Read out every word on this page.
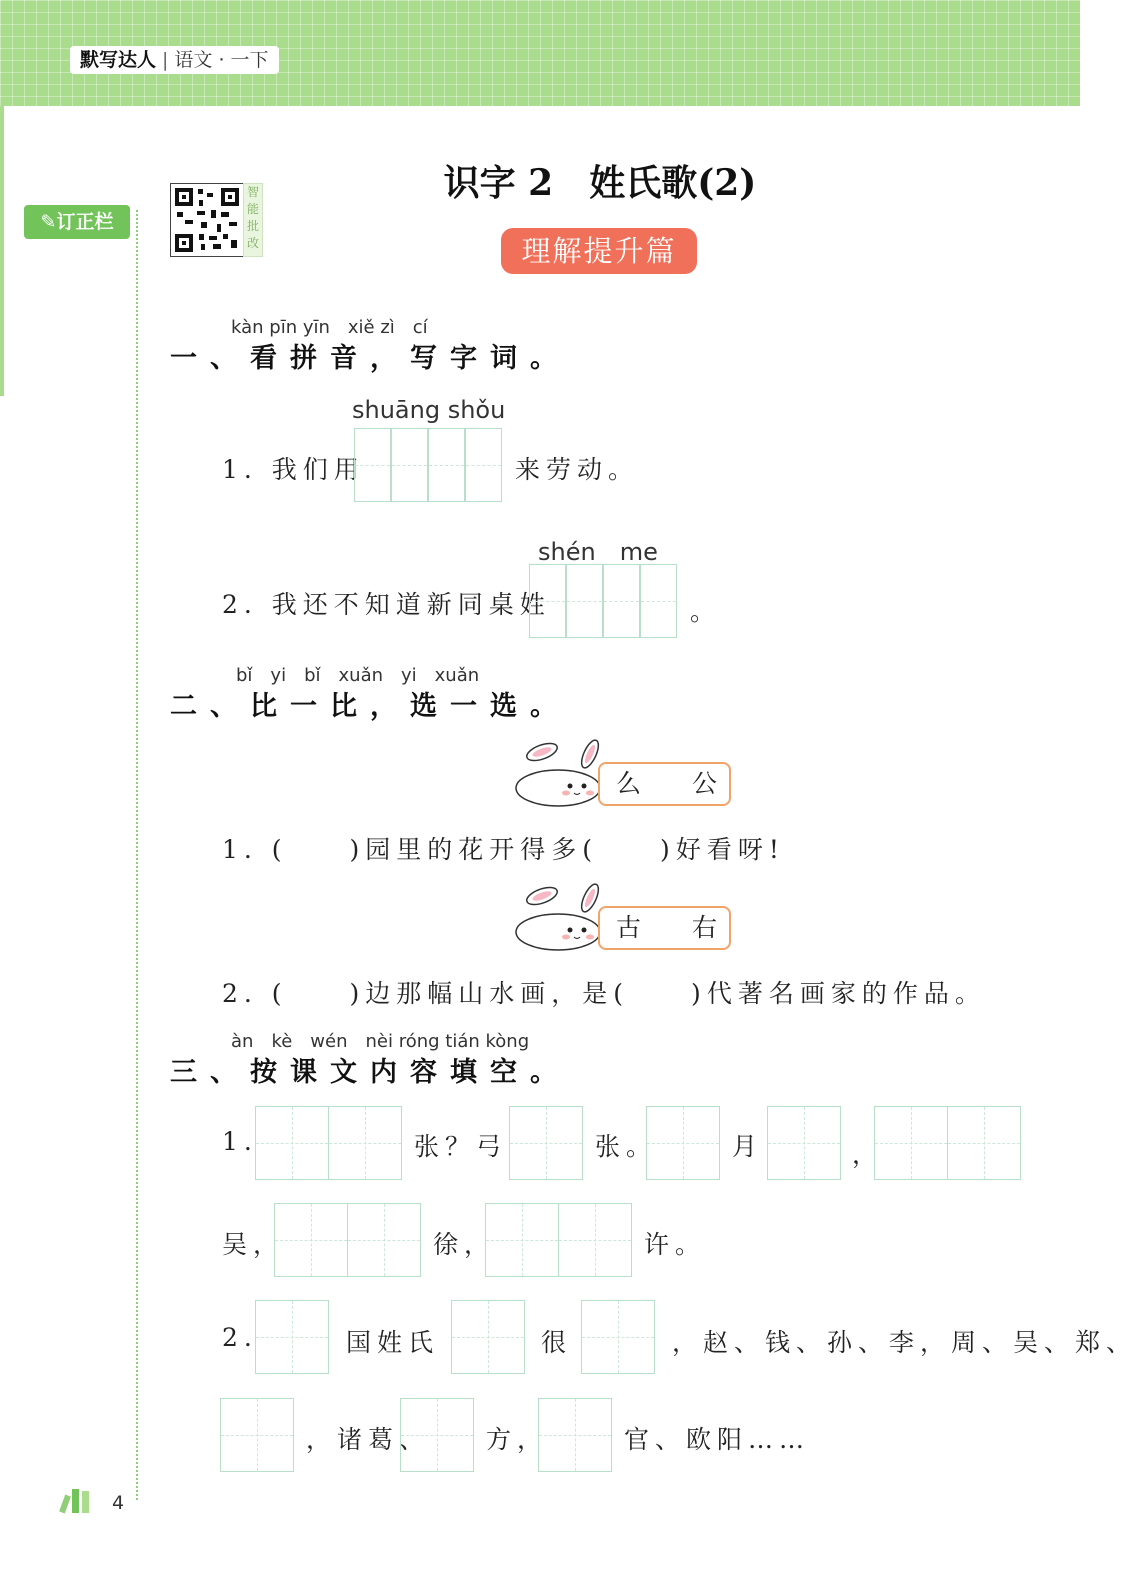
默写达人 | 语文 · 一下
✎订正栏
智能批改
识字 2　姓氏歌(2)
理解提升篇
kàn pīn yīn　xiě zì　cí
一、看拼音，写字词。
shuāng shǒu
1. 我们用	来劳动。
shén　me
2. 我还不知道新同桌姓	。
bǐ　yi　bǐ　xuǎn　yi　xuǎn
二、比一比，选一选。
么 公
1. (　　)园里的花开得多(　　)好看呀!
古 右
2. (　　)边那幅山水画，是(　　)代著名画家的作品。
àn　kè　wén　nèi róng tián kòng
三、按课文内容填空。
1.	张？弓	张。	月	，
吴，	徐，	许。
2.	国姓氏	很	，赵、钱、孙、李，周、吴、郑、
，诸葛、 方，	官、欧阳……
4
